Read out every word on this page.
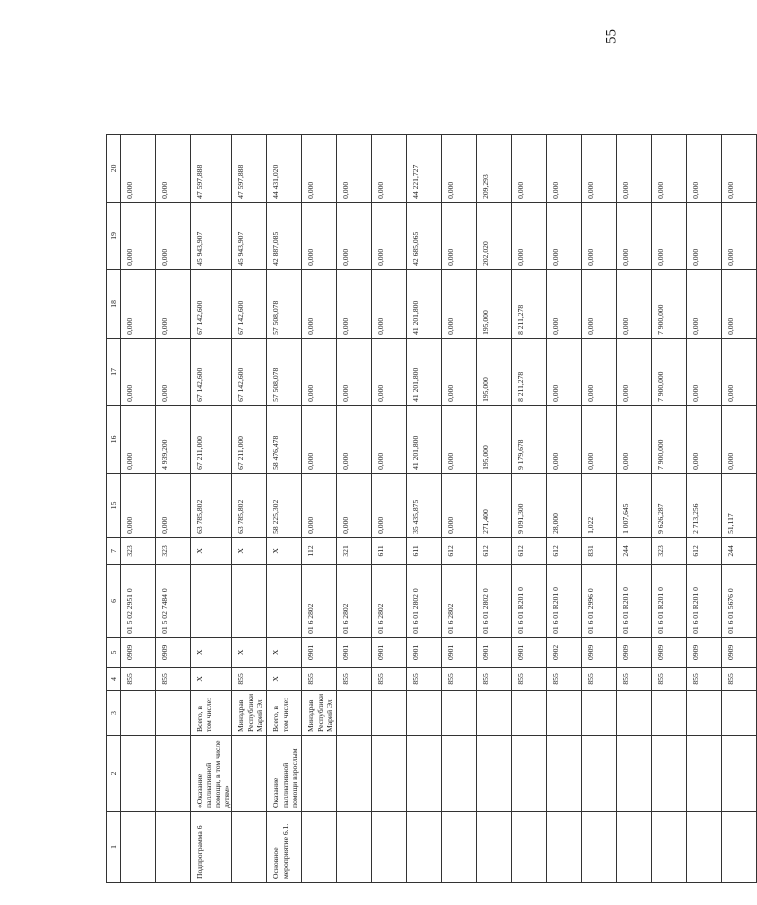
55
1	2	3	4	5	6	7	15	16	17	18	19	20
			855	0909	01 5 02 2951 0	323	0,000	0,000	0,000	0,000	0,000	0,000
			855	0909	01 5 02 7484 0	323	0,000	4 939,200	0,000	0,000	0,000	0,000
Подпрограмма 6	«Оказание паллиативной помощи, в том числе детям»	Всего, в том числе:	Х	Х		Х	63 785,802	67 211,000	67 142,600	67 142,600	45 943,907	47 597,888
		Минздрав Республики Марий Эл	855	Х		Х	63 785,802	67 211,000	67 142,600	67 142,600	45 943,907	47 597,888
Основное мероприятие 6.1.	Оказание паллиативной помощи взрослым	Всего, в том числе:	Х	Х		Х	58 225,302	58 476,478	57 508,078	57 508,078	42 887,085	44 431,020
		Минздрав Республики Марий Эл	855	0901	01 6 2802	112	0,000	0,000	0,000	0,000	0,000	0,000
			855	0901	01 6 2802	321	0,000	0,000	0,000	0,000	0,000	0,000
			855	0901	01 6 2802	611	0,000	0,000	0,000	0,000	0,000	0,000
			855	0901	01 6 01 2802 0	611	35 435,875	41 201,800	41 201,800	41 201,800	42 685,065	44 221,727
			855	0901	01 6 2802	612	0,000	0,000	0,000	0,000	0,000	0,000
			855	0901	01 6 01 2802 0	612	271,400	195,000	195,000	195,000	202,020	209,293
			855	0901	01 6 01 R201 0	612	9 091,300	9 179,678	8 211,278	8 211,278	0,000	0,000
			855	0902	01 6 01 R201 0	612	28,000	0,000	0,000	0,000	0,000	0,000
			855	0909	01 6 01 2996 0	831	1,022	0,000	0,000	0,000	0,000	0,000
			855	0909	01 6 01 R201 0	244	1 007,645	0,000	0,000	0,000	0,000	0,000
			855	0909	01 6 01 R201 0	323	9 626,287	7 900,000	7 900,000	7 900,000	0,000	0,000
			855	0909	01 6 01 R201 0	612	2 713,256	0,000	0,000	0,000	0,000	0,000
			855	0909	01 6 01 5676 0	244	51,117	0,000	0,000	0,000	0,000	0,000
